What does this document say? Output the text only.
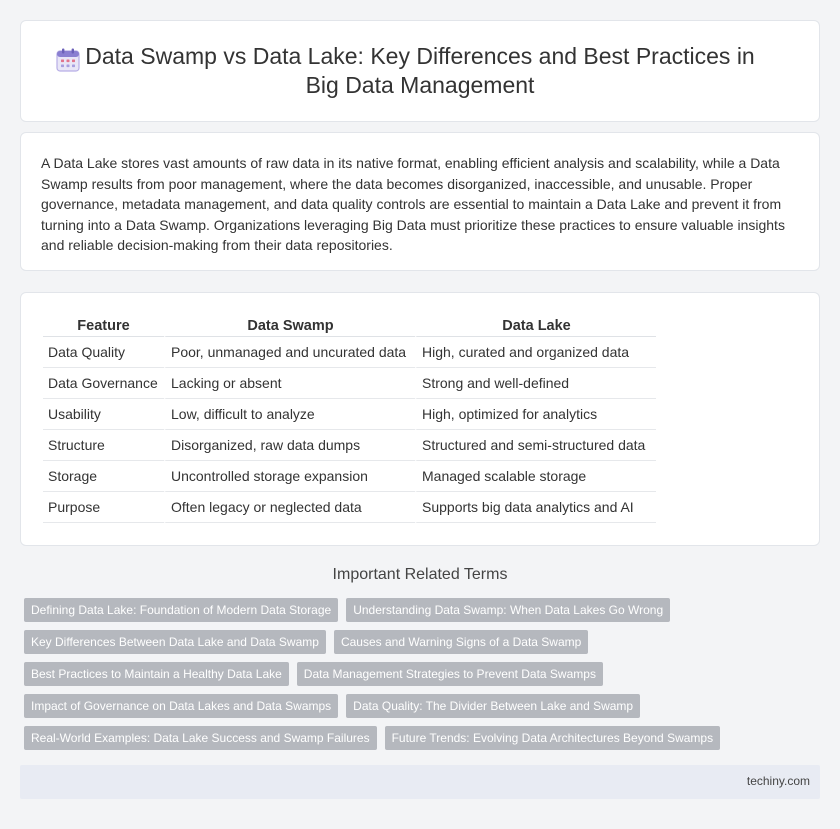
Data Swamp vs Data Lake: Key Differences and Best Practices in Big Data Management

A Data Lake stores vast amounts of raw data in its native format, enabling efficient analysis and scalability, while a Data Swamp results from poor management, where the data becomes disorganized, inaccessible, and unusable. Proper governance, metadata management, and data quality controls are essential to maintain a Data Lake and prevent it from turning into a Data Swamp. Organizations leveraging Big Data must prioritize these practices to ensure valuable insights and reliable decision-making from their data repositories.

Feature	Data Swamp	Data Lake
Data Quality	Poor, unmanaged and uncurated data	High, curated and organized data
Data Governance	Lacking or absent	Strong and well-defined
Usability	Low, difficult to analyze	High, optimized for analytics
Structure	Disorganized, raw data dumps	Structured and semi-structured data
Storage	Uncontrolled storage expansion	Managed scalable storage
Purpose	Often legacy or neglected data	Supports big data analytics and AI
Important Related Terms
Defining Data Lake: Foundation of Modern Data Storage	Understanding Data Swamp: When Data Lakes Go Wrong
Key Differences Between Data Lake and Data Swamp	Causes and Warning Signs of a Data Swamp
Best Practices to Maintain a Healthy Data Lake	Data Management Strategies to Prevent Data Swamps
Impact of Governance on Data Lakes and Data Swamps	Data Quality: The Divider Between Lake and Swamp
Real-World Examples: Data Lake Success and Swamp Failures	Future Trends: Evolving Data Architectures Beyond Swamps
techiny.com
